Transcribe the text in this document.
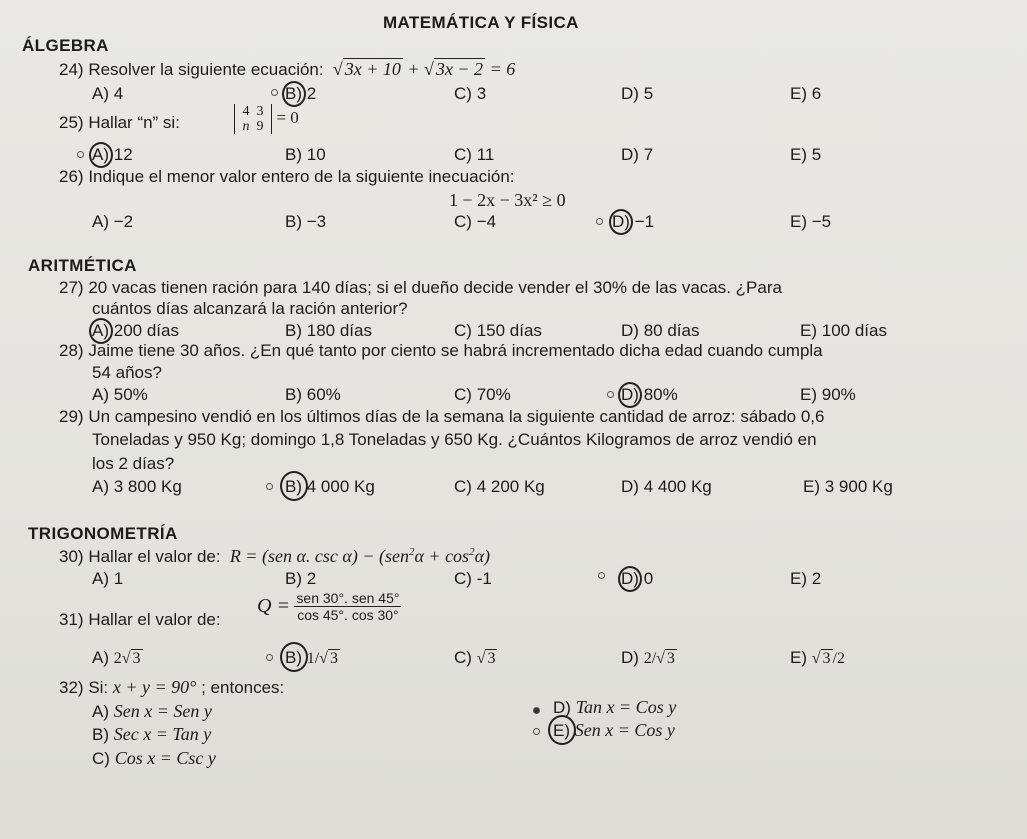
MATEMÁTICA Y FÍSICA
ÁLGEBRA
24) Resolver la siguiente ecuación:  √ 3x + 10 + √ 3x − 2 = 6
A) 4	B) 2	C) 3	D) 5	E) 6
25) Hallar “n” si:
4 3
n 9 = 0
A) 12	B) 10	C) 11	D) 7	E) 5
26) Indique el menor valor entero de la siguiente inecuación:
1 − 2x − 3x² ≥ 0
A) −2	B) −3	C) −4	D) −1	E) −5
ARITMÉTICA
27) 20 vacas tienen ración para 140 días; si el dueño decide vender el 30% de las vacas. ¿Para
cuántos días alcanzará la ración anterior?
A) 200 días	B) 180 días	C) 150 días	D) 80 días	E) 100 días
28) Jaime tiene 30 años. ¿En qué tanto por ciento se habrá incrementado dicha edad cuando cumpla
54 años?
A) 50%	B) 60%	C) 70%	D) 80%	E) 90%
29) Un campesino vendió en los últimos días de la semana la siguiente cantidad de arroz: sábado 0,6
Toneladas y 950 Kg; domingo 1,8 Toneladas y 650 Kg. ¿Cuántos Kilogramos de arroz vendió en
los 2 días?
A) 3 800 Kg	B) 4 000 Kg	C) 4 200 Kg	D) 4 400 Kg	E) 3 900 Kg
TRIGONOMETRÍA
30) Hallar el valor de:  R = (sen α. $\csc \alpha) - (sen^2\alpha + \cos^2\alpha)$
A) 1	B) 2	C) -1	D) 0	E) 2
31) Hallar el valor de:
$Q = \frac{\text{sen 30°. sen 45°}}{\cos 45^\circ. \cos 30^\circ}$
A) 2√ 3	B) 1/√ 3	C) √ 3	D) 2/√ 3	E) √ 3 /2
32) Si: x + y = 90° ; entonces:
A) Sen x = Sen y
B) Sec x = Tan y
C) Cos x = Csc y
D) Tan x = Cos y
E) Sen x = Cos y
